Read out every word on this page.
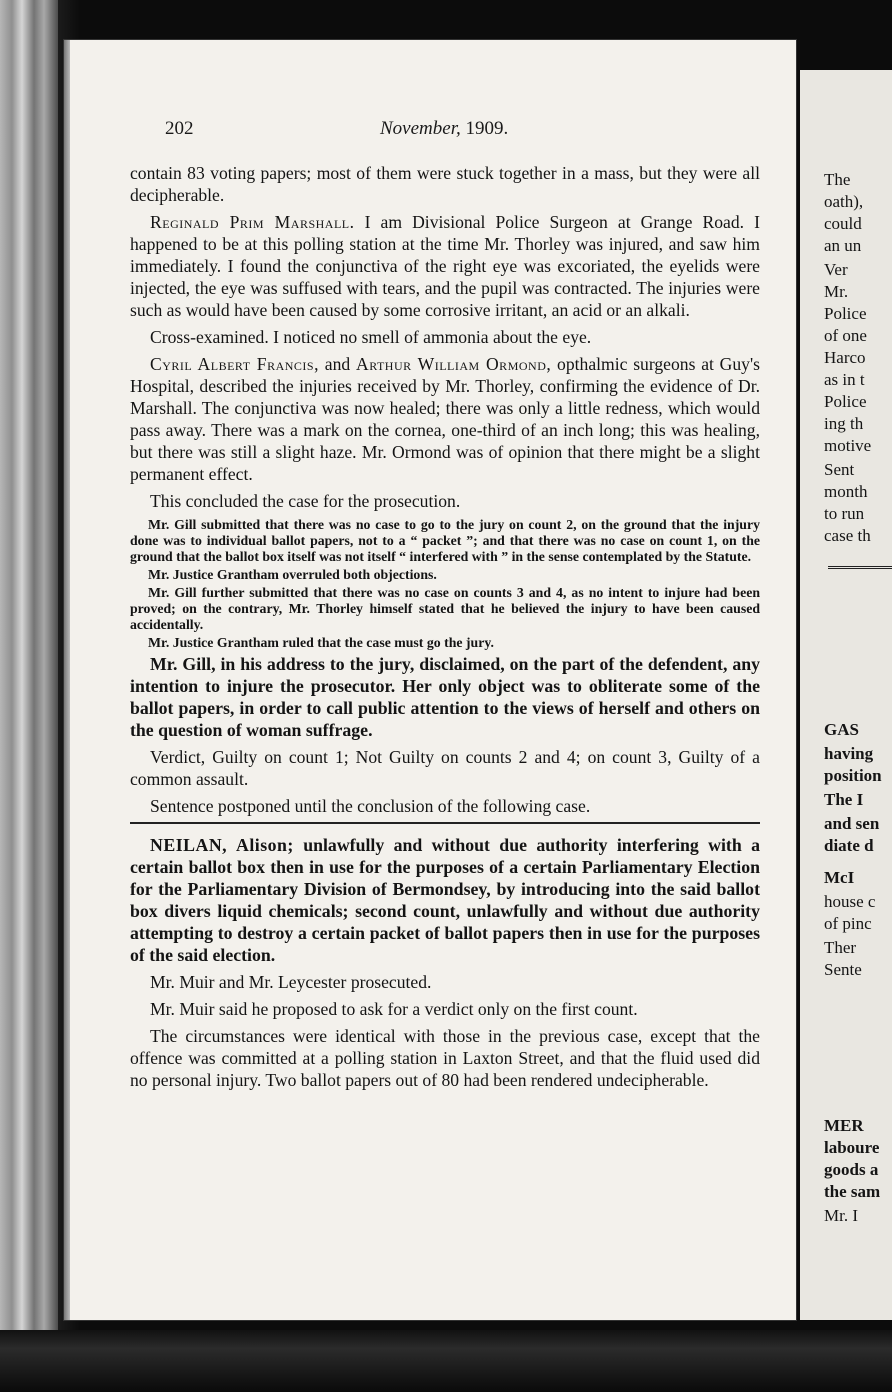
202	November, 1909.

contain 83 voting papers; most of them were stuck together in a mass, but they were all decipherable.

Reginald Prim Marshall. I am Divisional Police Surgeon at Grange Road. I happened to be at this polling station at the time Mr. Thorley was injured, and saw him immediately. I found the conjunctiva of the right eye was excoriated, the eyelids were injected, the eye was suffused with tears, and the pupil was contracted. The injuries were such as would have been caused by some corrosive irritant, an acid or an alkali.

Cross-examined. I noticed no smell of ammonia about the eye.

Cyril Albert Francis, and Arthur William Ormond, opthalmic surgeons at Guy's Hospital, described the injuries received by Mr. Thorley, confirming the evidence of Dr. Marshall. The conjunctiva was now healed; there was only a little redness, which would pass away. There was a mark on the cornea, one-third of an inch long; this was healing, but there was still a slight haze. Mr. Ormond was of opinion that there might be a slight permanent effect.

This concluded the case for the prosecution.

Mr. Gill submitted that there was no case to go to the jury on count 2, on the ground that the injury done was to individual ballot papers, not to a “ packet ”; and that there was no case on count 1, on the ground that the ballot box itself was not itself “ interfered with ” in the sense contemplated by the Statute.

Mr. Justice Grantham overruled both objections.

Mr. Gill further submitted that there was no case on counts 3 and 4, as no intent to injure had been proved; on the contrary, Mr. Thorley himself stated that he believed the injury to have been caused accidentally.

Mr. Justice Grantham ruled that the case must go the jury.

Mr. Gill, in his address to the jury, disclaimed, on the part of the defendent, any intention to injure the prosecutor. Her only object was to obliterate some of the ballot papers, in order to call public attention to the views of herself and others on the question of woman suffrage.

Verdict, Guilty on count 1; Not Guilty on counts 2 and 4; on count 3, Guilty of a common assault.

Sentence postponed until the conclusion of the following case.

NEILAN, Alison; unlawfully and without due authority interfering with a certain ballot box then in use for the purposes of a certain Parliamentary Election for the Parliamentary Division of Bermondsey, by introducing into the said ballot box divers liquid chemicals; second count, unlawfully and without due authority attempting to destroy a certain packet of ballot papers then in use for the purposes of the said election.

Mr. Muir and Mr. Leycester prosecuted.

Mr. Muir said he proposed to ask for a verdict only on the first count.

The circumstances were identical with those in the previous case, except that the offence was committed at a polling station in Laxton Street, and that the fluid used did no personal injury. Two ballot papers out of 80 had been rendered undecipherable.

The
oath),
could
an un
Ver
Mr.
Police
of one
Harco
as in t
Police
ing th
motive
Sent
month
to run
case th
GAS
having
position
The I
and sen
diate d
McI
house c
of pinc
Ther
Sente
MER
laboure
goods a
the sam
Mr. I
